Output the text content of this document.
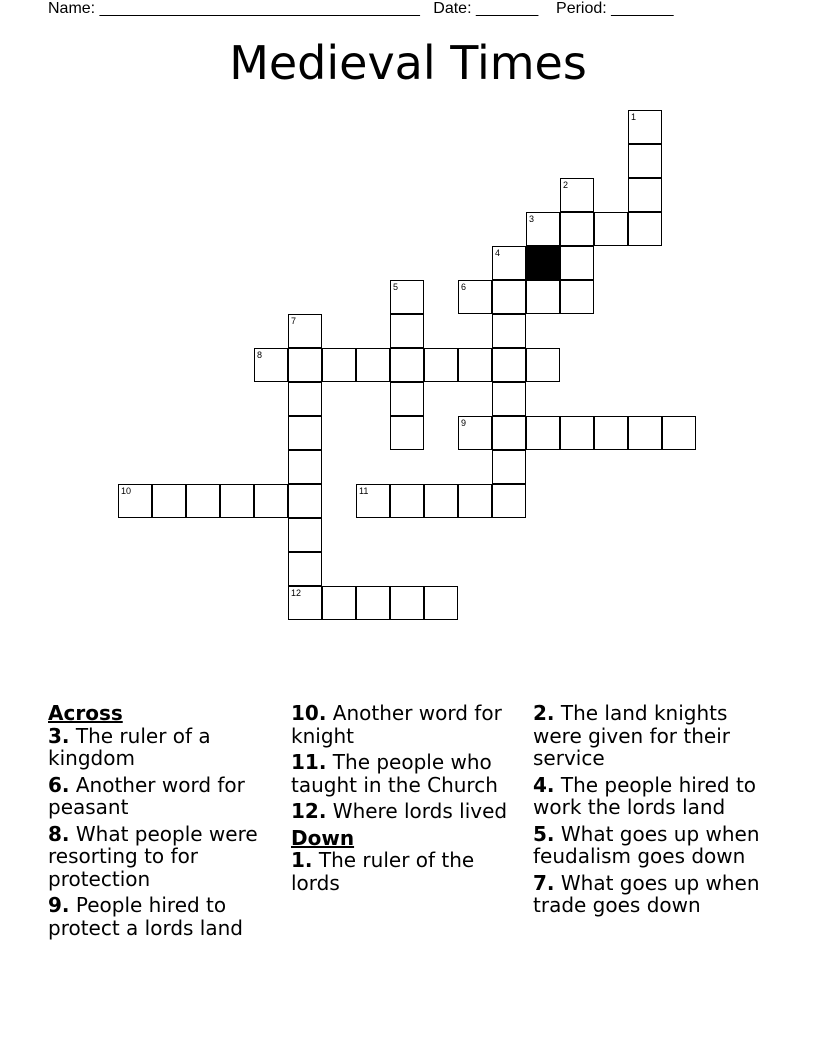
Name: ____________________________________ Date: _______ Period: _______
Medieval Times
1
2
3
4
5	6
7
8
9
10	11
12

Across

3. The ruler of a kingdom

6. Another word for peasant

8. What people were resorting to for protection

9. People hired to protect a lords land

10. Another word for knight

11. The people who taught in the Church

12. Where lords lived

Down

1. The ruler of the lords

2. The land knights were given for their service

4. The people hired to work the lords land

5. What goes up when feudalism goes down

7. What goes up when trade goes down
